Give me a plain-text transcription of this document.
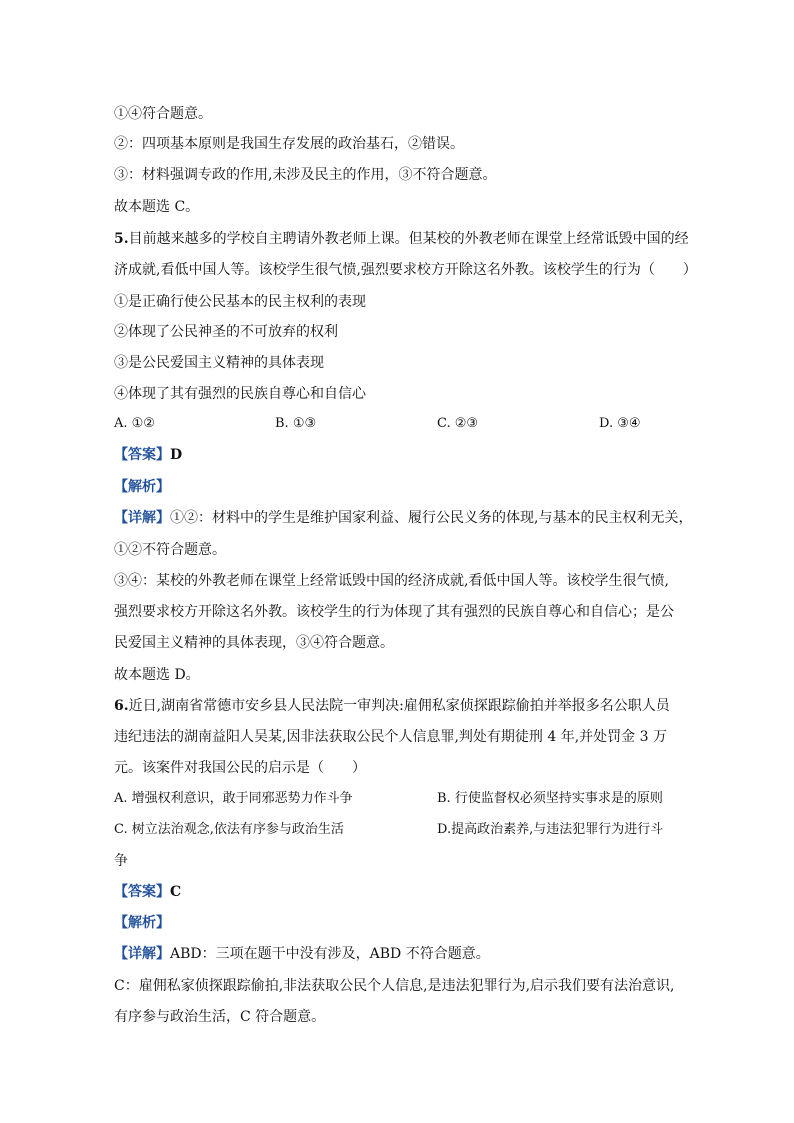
①④符合题意。
②：四项基本原则是我国生存发展的政治基石，②错误。
③：材料强调专政的作用,未涉及民主的作用，③不符合题意。
故本题选 C。
5.目前越来越多的学校自主聘请外教老师上课。但某校的外教老师在课堂上经常诋毁中国的经
济成就,看低中国人等。该校学生很气愤,强烈要求校方开除这名外教。该校学生的行为（　　）
①是正确行使公民基本的民主权利的表现
②体现了公民神圣的不可放弃的权利
③是公民爱国主义精神的具体表现
④体现了其有强烈的民族自尊心和自信心
A. ①②	B. ①③	C. ②③	D. ③④
【答案】D
【解析】
【详解】①②：材料中的学生是维护国家利益、履行公民义务的体现,与基本的民主权利无关，
①②不符合题意。
③④：某校的外教老师在课堂上经常诋毁中国的经济成就,看低中国人等。该校学生很气愤,
强烈要求校方开除这名外教。该校学生的行为体现了其有强烈的民族自尊心和自信心；是公
民爱国主义精神的具体表现，③④符合题意。
故本题选 D。
6.近日,湖南省常德市安乡县人民法院一审判决:雇佣私家侦探跟踪偷拍并举报多名公职人员
违纪违法的湖南益阳人吴某,因非法获取公民个人信息罪,判处有期徒刑 4 年,并处罚金 3 万
元。该案件对我国公民的启示是（　　）
A. 增强权利意识，敢于同邪恶势力作斗争	B. 行使监督权必须坚持实事求是的原则
C. 树立法治观念,依法有序参与政治生活	D.提高政治素养,与违法犯罪行为进行斗
争
【答案】C
【解析】
【详解】ABD：三项在题干中没有涉及，ABD 不符合题意。
C：雇佣私家侦探跟踪偷拍,非法获取公民个人信息,是违法犯罪行为,启示我们要有法治意识,
有序参与政治生活，C 符合题意。
